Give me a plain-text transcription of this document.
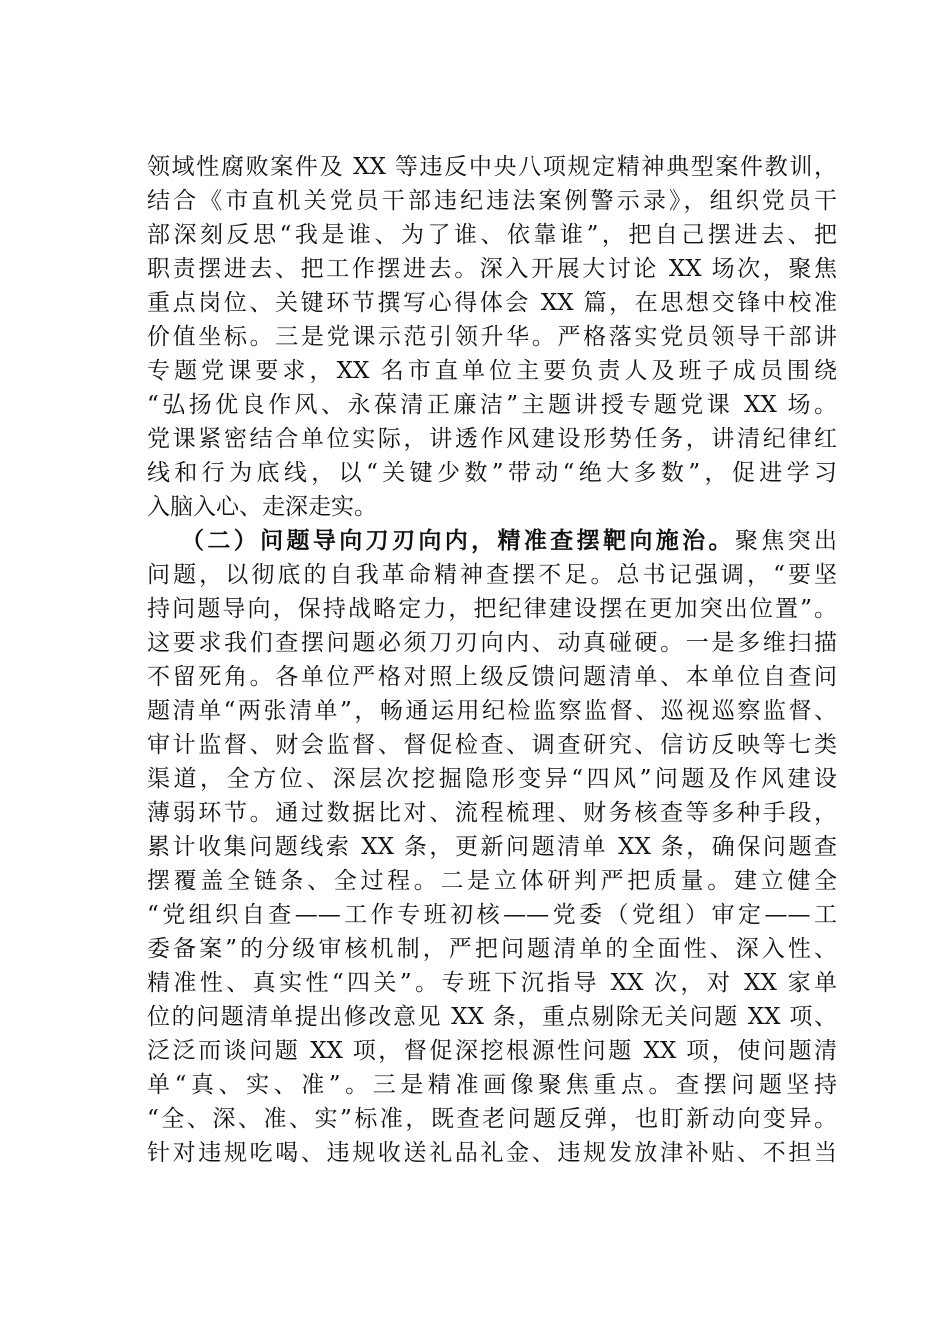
领域性腐败案件及 XX 等违反中央八项规定精神典型案件教训，
结合《市直机关党员干部违纪违法案例警示录》，组织党员干
部深刻反思“我是谁、为了谁、依靠谁”，把自己摆进去、把
职责摆进去、把工作摆进去。深入开展大讨论 XX 场次，聚焦
重点岗位、关键环节撰写心得体会 XX 篇，在思想交锋中校准
价值坐标。三是党课示范引领升华。严格落实党员领导干部讲
专题党课要求，XX 名市直单位主要负责人及班子成员围绕
“弘扬优良作风、永葆清正廉洁”主题讲授专题党课 XX 场。
党课紧密结合单位实际，讲透作风建设形势任务，讲清纪律红
线和行为底线，以“关键少数”带动“绝大多数”，促进学习
入脑入心、走深走实。
（二）问题导向刀刃向内，精准查摆靶向施治。聚焦突出
问题，以彻底的自我革命精神查摆不足。总书记强调，“要坚
持问题导向，保持战略定力，把纪律建设摆在更加突出位置”。
这要求我们查摆问题必须刀刃向内、动真碰硬。一是多维扫描
不留死角。各单位严格对照上级反馈问题清单、本单位自查问
题清单“两张清单”，畅通运用纪检监察监督、巡视巡察监督、
审计监督、财会监督、督促检查、调查研究、信访反映等七类
渠道，全方位、深层次挖掘隐形变异“四风”问题及作风建设
薄弱环节。通过数据比对、流程梳理、财务核查等多种手段，
累计收集问题线索 XX 条，更新问题清单 XX 条，确保问题查
摆覆盖全链条、全过程。二是立体研判严把质量。建立健全
“党组织自查——工作专班初核——党委（党组）审定——工
委备案”的分级审核机制，严把问题清单的全面性、深入性、
精准性、真实性“四关”。专班下沉指导 XX 次，对 XX 家单
位的问题清单提出修改意见 XX 条，重点剔除无关问题 XX 项、
泛泛而谈问题 XX 项，督促深挖根源性问题 XX 项，使问题清
单“真、实、准”。三是精准画像聚焦重点。查摆问题坚持
“全、深、准、实”标准，既查老问题反弹，也盯新动向变异。
针对违规吃喝、违规收送礼品礼金、违规发放津补贴、不担当
